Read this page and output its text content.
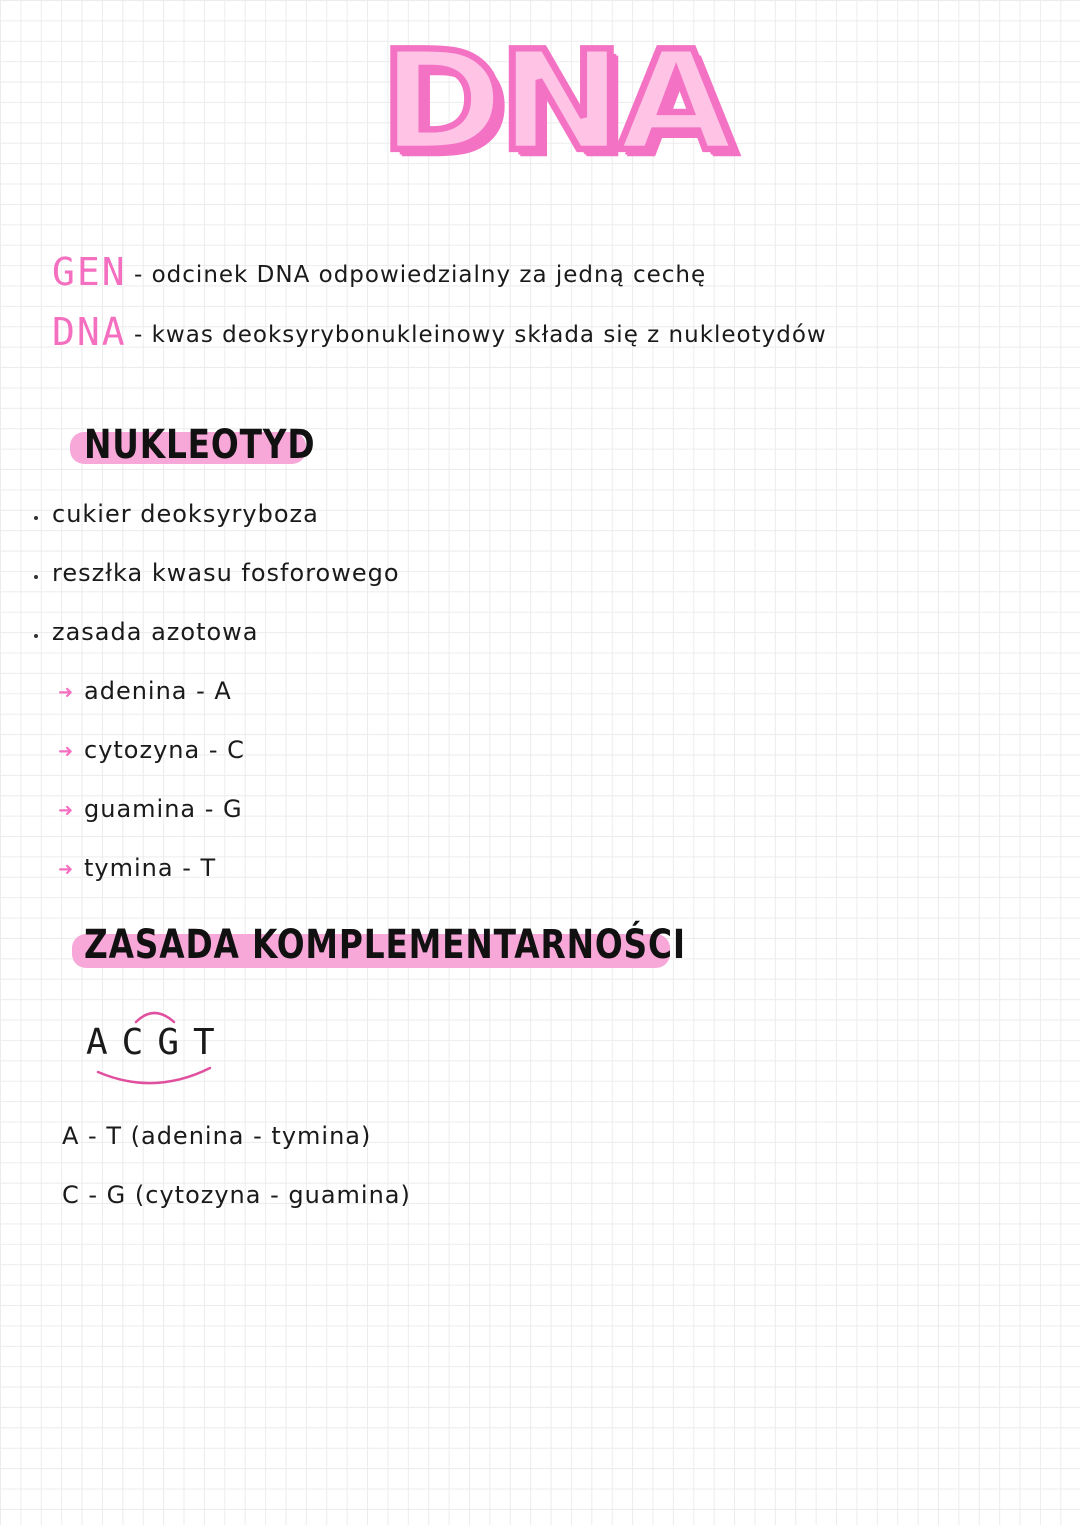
DNA
GEN - odcinek DNA odpowiedzialny za jedną cechę
DNA - kwas deoksyrybonukleinowy składa się z nukleotydów
NUKLEOTYD
cukier deoksyryboza
reszłka kwasu fosforowego
zasada azotowa
➜ adenina - A
➜ cytozyna - C
➜ guamina - G
➜ tymina - T
ZASADA KOMPLEMENTARNOŚCI
ACGT
A - T (adenina - tymina)
C - G (cytozyna - guamina)
